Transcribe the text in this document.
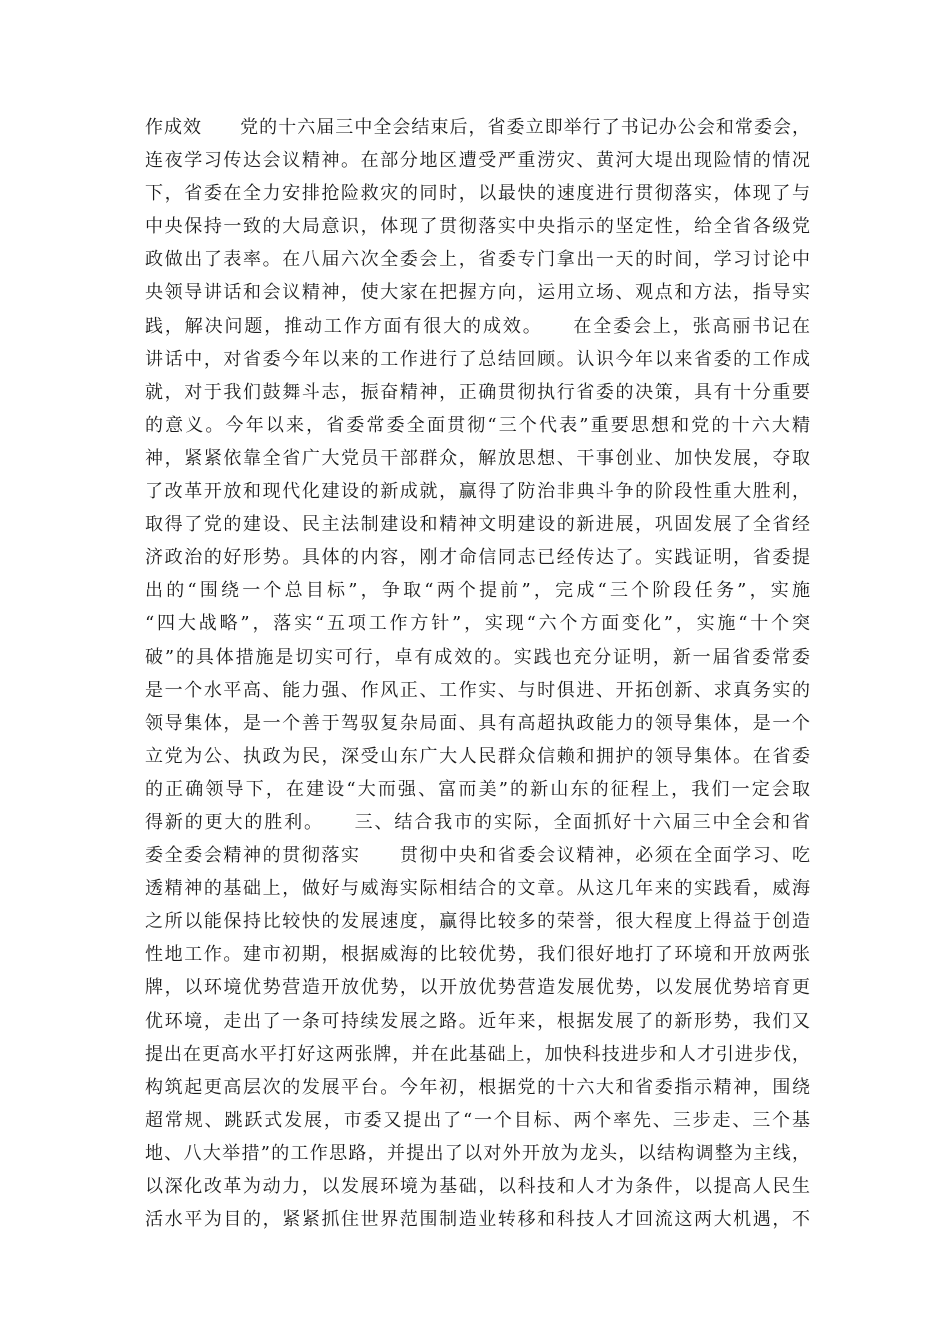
作成效　　党的十六届三中全会结束后，省委立即举行了书记办公会和常委会，
连夜学习传达会议精神。在部分地区遭受严重涝灾、黄河大堤出现险情的情况
下，省委在全力安排抢险救灾的同时，以最快的速度进行贯彻落实，体现了与
中央保持一致的大局意识，体现了贯彻落实中央指示的坚定性，给全省各级党
政做出了表率。在八届六次全委会上，省委专门拿出一天的时间，学习讨论中
央领导讲话和会议精神，使大家在把握方向，运用立场、观点和方法，指导实
践，解决问题，推动工作方面有很大的成效。　　在全委会上，张高丽书记在
讲话中，对省委今年以来的工作进行了总结回顾。认识今年以来省委的工作成
就，对于我们鼓舞斗志，振奋精神，正确贯彻执行省委的决策，具有十分重要
的意义。今年以来，省委常委全面贯彻“三个代表”重要思想和党的十六大精
神，紧紧依靠全省广大党员干部群众，解放思想、干事创业、加快发展，夺取
了改革开放和现代化建设的新成就，赢得了防治非典斗争的阶段性重大胜利，
取得了党的建设、民主法制建设和精神文明建设的新进展，巩固发展了全省经
济政治的好形势。具体的内容，刚才命信同志已经传达了。实践证明，省委提
出的“围绕一个总目标”，争取“两个提前”，完成“三个阶段任务”，实施
“四大战略”，落实“五项工作方针”，实现“六个方面变化”，实施“十个突
破”的具体措施是切实可行，卓有成效的。实践也充分证明，新一届省委常委
是一个水平高、能力强、作风正、工作实、与时俱进、开拓创新、求真务实的
领导集体，是一个善于驾驭复杂局面、具有高超执政能力的领导集体，是一个
立党为公、执政为民，深受山东广大人民群众信赖和拥护的领导集体。在省委
的正确领导下，在建设“大而强、富而美”的新山东的征程上，我们一定会取
得新的更大的胜利。　　三、结合我市的实际，全面抓好十六届三中全会和省
委全委会精神的贯彻落实　　贯彻中央和省委会议精神，必须在全面学习、吃
透精神的基础上，做好与威海实际相结合的文章。从这几年来的实践看，威海
之所以能保持比较快的发展速度，赢得比较多的荣誉，很大程度上得益于创造
性地工作。建市初期，根据威海的比较优势，我们很好地打了环境和开放两张
牌，以环境优势营造开放优势，以开放优势营造发展优势，以发展优势培育更
优环境，走出了一条可持续发展之路。近年来，根据发展了的新形势，我们又
提出在更高水平打好这两张牌，并在此基础上，加快科技进步和人才引进步伐，
构筑起更高层次的发展平台。今年初，根据党的十六大和省委指示精神，围绕
超常规、跳跃式发展，市委又提出了“一个目标、两个率先、三步走、三个基
地、八大举措”的工作思路，并提出了以对外开放为龙头，以结构调整为主线，
以深化改革为动力，以发展环境为基础，以科技和人才为条件，以提高人民生
活水平为目的，紧紧抓住世界范围制造业转移和科技人才回流这两大机遇，不
